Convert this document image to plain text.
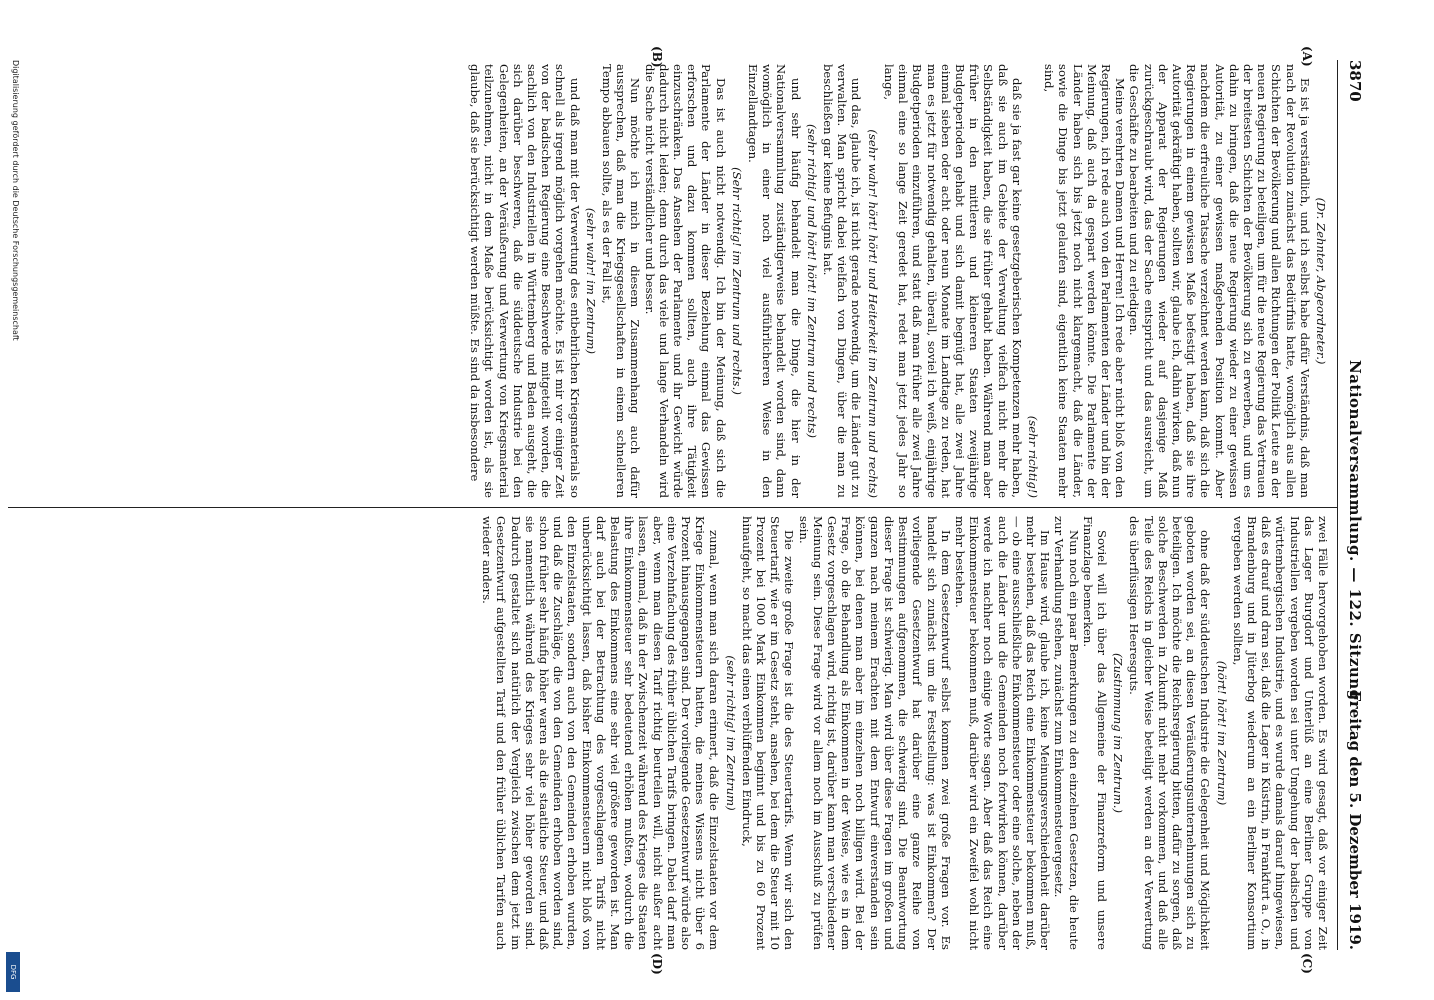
3870
Nationalversammlung. — 122. Sitzung.
Freitag den 5. Dezember 1919.
(A)
(B)
(C)
(D)

(Dr. Zehnter, Abgeordneter.)

Es ist ja verständlich, und ich selbst habe dafür Verständnis, daß man nach der Revolution zunächst das Bedürfnis hatte, womöglich aus allen Schichten der Bevölkerung und allen Richtungen der Politik Leute an der neuen Regierung zu beteiligen, um für die neue Regierung das Vertrauen der breitesten Schichten der Bevölkerung sich zu erwerben, und um es dahin zu bringen, daß die neue Regierung wieder zu einer gewissen Autorität, zu einer gewissen maßgebenden Position kommt. Aber nachdem die erfreuliche Tatsache verzeichnet werden kann, daß sich die Regierungen in einem gewissen Maße befestigt haben, daß sie ihre Autorität gekräftigt haben, sollten wir, glaube ich, dahin wirken, daß nun der Apparat der Regierungen wieder auf dasjenige Maß zurückgeschraubt wird, das der Sache entspricht und das ausreicht, um die Geschäfte zu bearbeiten und zu erledigen.

Meine verehrten Damen und Herren! Ich rede aber nicht bloß von den Regierungen, ich rede auch von den Parlamenten der Länder und bin der Meinung, daß auch da gespart werden könnte. Die Parlamente der Länder haben sich bis jetzt noch nicht klargemacht, daß die Länder, sowie die Dinge bis jetzt gelaufen sind, eigentlich keine Staaten mehr sind,

(sehr richtig!)

daß sie ja fast gar keine gesetzgeberischen Kompetenzen mehr haben, daß sie auch im Gebiete der Verwaltung vielfach nicht mehr die Selbständigkeit haben, die sie früher gehabt haben. Während man aber früher in den mittleren und kleineren Staaten zweijährige Budgetperioden gehabt und sich damit begnügt hat, alle zwei Jahre einmal sieben oder acht oder neun Monate im Landtage zu reden, hat man es jetzt für notwendig gehalten, überall, soviel ich weiß, einjährige Budgetperioden einzuführen, und statt daß man früher alle zwei Jahre einmal eine so lange Zeit geredet hat, redet man jetzt jedes Jahr so lange,

(sehr wahr! hört! hört! und Heiterkeit im Zentrum und rechts)

und das, glaube ich, ist nicht gerade notwendig, um die Länder gut zu verwalten. Man spricht dabei vielfach von Dingen, über die man zu beschließen gar keine Befugnis hat.

(sehr richtig! und hört! hört! im Zentrum und rechts)

und sehr häufig behandelt man die Dinge, die hier in der Nationalversammlung zuständigerweise behandelt worden sind, dann womöglich in einer noch viel ausführlicheren Weise in den Einzellandtagen.

(Sehr richtig! im Zentrum und rechts.)

Das ist auch nicht notwendig. Ich bin der Meinung, daß sich die Parlamente der Länder in dieser Beziehung einmal das Gewissen erforschen und dazu kommen sollten, auch ihre Tätigkeit einzuschränken. Das Ansehen der Parlamente und ihr Gewicht würde dadurch nicht leiden; denn durch das viele und lange Verhandeln wird die Sache nicht verständlicher und besser.

Nun möchte ich mich in diesem Zusammenhang auch dafür aussprechen, daß man die Kriegsgesellschaften in einem schnelleren Tempo abbauen sollte, als es der Fall ist,

(sehr wahr! im Zentrum)

und daß man mit der Verwertung des entbehrlichen Kriegsmaterials so schnell als irgend möglich vorgehen möchte. Es ist mir vor einiger Zeit von der badischen Regierung eine Beschwerde mitgeteilt worden, die sachlich von den Industriellen in Württemberg und Baden ausgeht, die sich darüber beschweren, daß die süddeutsche Industrie bei den Gelegenheiten, an der Veräußerung und Verwertung von Kriegsmaterial teilzunehmen, nicht in dem Maße berücksichtigt worden ist, als sie glaube, daß sie berücksichtigt werden müßte. Es sind da insbesondere

zwei Fälle hervorgehoben worden. Es wird gesagt, daß vor einiger Zeit das Lager Burgdorf und Unterlüß an eine Berliner Gruppe von Industriellen vergeben worden sei unter Umgehung der badischen und württembergischen Industrie, und es wurde damals darauf hingewiesen, daß es drauf und dran sei, daß die Lager in Küstrin, in Frankfurt a. O., in Brandenburg und in Jüterbog wiederum an ein Berliner Konsortium vergeben werden sollten,

(hört! hört! im Zentrum)

ohne daß der süddeutschen Industrie die Gelegenheit und Möglichkeit geboten worden sei, an diesen Veräußerungsunternehmungen sich zu beteiligen. Ich möchte die Reichsregierung bitten, dafür zu sorgen, daß solche Beschwerden in Zukunft nicht mehr vorkommen, und daß alle Teile des Reichs in gleicher Weise beteiligt werden an der Verwertung des überflüssigen Heeresguts.

(Zustimmung im Zentrum.)

Soviel will ich über das Allgemeine der Finanzreform und unsere Finanzlage bemerken.

Nun noch ein paar Bemerkungen zu den einzelnen Gesetzen, die heute zur Verhandlung stehen, zunächst zum Einkommensteuergesetz.

Im Hause wird, glaube ich, keine Meinungsverschiedenheit darüber mehr bestehen, daß das Reich eine Einkommensteuer bekommen muß, — ob eine ausschließliche Einkommensteuer oder eine solche, neben der auch die Länder und die Gemeinden noch fortwirken können, darüber werde ich nachher noch einige Worte sagen. Aber daß das Reich eine Einkommensteuer bekommen muß, darüber wird ein Zweifel wohl nicht mehr bestehen.

In dem Gesetzentwurf selbst kommen zwei große Fragen vor. Es handelt sich zunächst um die Feststellung: was ist Einkommen? Der vorliegende Gesetzentwurf hat darüber eine ganze Reihe von Bestimmungen aufgenommen, die schwierig sind. Die Beantwortung dieser Frage ist schwierig. Man wird über diese Fragen im großen und ganzen nach meinem Erachten mit dem Entwurf einverstanden sein können, bei denen man aber im einzelnen noch billigen wird. Bei der Frage, ob die Behandlung als Einkommen in der Weise, wie es in dem Gesetz vorgeschlagen wird, richtig ist, darüber kann man verschiedener Meinung sein. Diese Frage wird vor allem noch im Ausschuß zu prüfen sein.

Die zweite große Frage ist die des Steuertarifs. Wenn wir sich den Steuertarif, wie er im Gesetz steht, ansehen, bei dem die Steuer mit 10 Prozent bei 1000 Mark Einkommen beginnt und bis zu 60 Prozent hinaufgeht, so macht das einen verblüffenden Eindruck,

(sehr richtig! im Zentrum)

zumal, wenn man sich daran erinnert, daß die Einzelstaaten vor dem Kriege Einkommensteuern hatten, die meines Wissens nicht über 6 Prozent hinausgegangen sind. Der vorliegende Gesetzentwurf würde also eine Verzehnfachung des früher üblichen Tarifs bringen. Dabei darf man aber, wenn man diesen Tarif richtig beurteilen will, nicht außer acht lassen, einmal, daß in der Zwischenzeit während des Krieges die Staaten ihre Einkommensteuer sehr bedeutend erhöhen mußten, wodurch die Belastung des Einkommens eine sehr viel größere geworden ist. Man darf auch bei der Betrachtung des vorgeschlagenen Tarifs nicht unberücksichtigt lassen, daß bisher Einkommensteuern nicht bloß von den Einzelstaaten, sondern auch von den Gemeinden erhoben wurden, und daß die Zuschläge, die von den Gemeinden erhoben worden sind, schon früher sehr häufig höher waren als die staatliche Steuer, und daß sie namentlich während des Krieges sehr viel höher geworden sind. Dadurch gestaltet sich natürlich der Vergleich zwischen dem jetzt im Gesetzentwurf aufgestellten Tarif und den früher üblichen Tarifen auch wieder anders.

Digitalisierung gefördert durch die Deutsche Forschungsgemeinschaft
DFG
